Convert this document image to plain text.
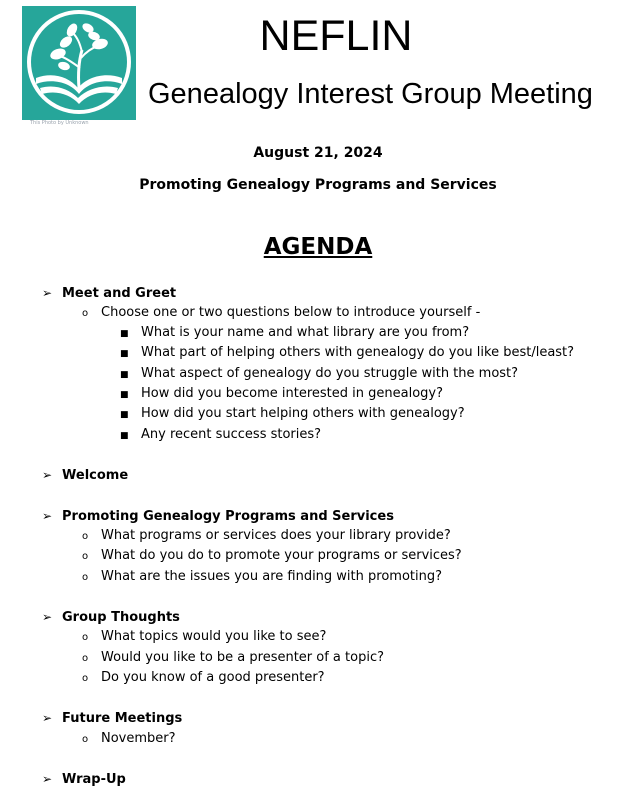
This Photo by Unknown
NEFLIN
Genealogy Interest Group Meeting
August 21, 2024
Promoting Genealogy Programs and Services
AGENDA
➢ Meet and Greet
o Choose one or two questions below to introduce yourself -
■ What is your name and what library are you from?
■ What part of helping others with genealogy do you like best/least?
■ What aspect of genealogy do you struggle with the most?
■ How did you become interested in genealogy?
■ How did you start helping others with genealogy?
■ Any recent success stories?
➢ Welcome
➢ Promoting Genealogy Programs and Services
o What programs or services does your library provide?
o What do you do to promote your programs or services?
o What are the issues you are finding with promoting?
➢ Group Thoughts
o What topics would you like to see?
o Would you like to be a presenter of a topic?
o Do you know of a good presenter?
➢ Future Meetings
o November?
➢ Wrap-Up
